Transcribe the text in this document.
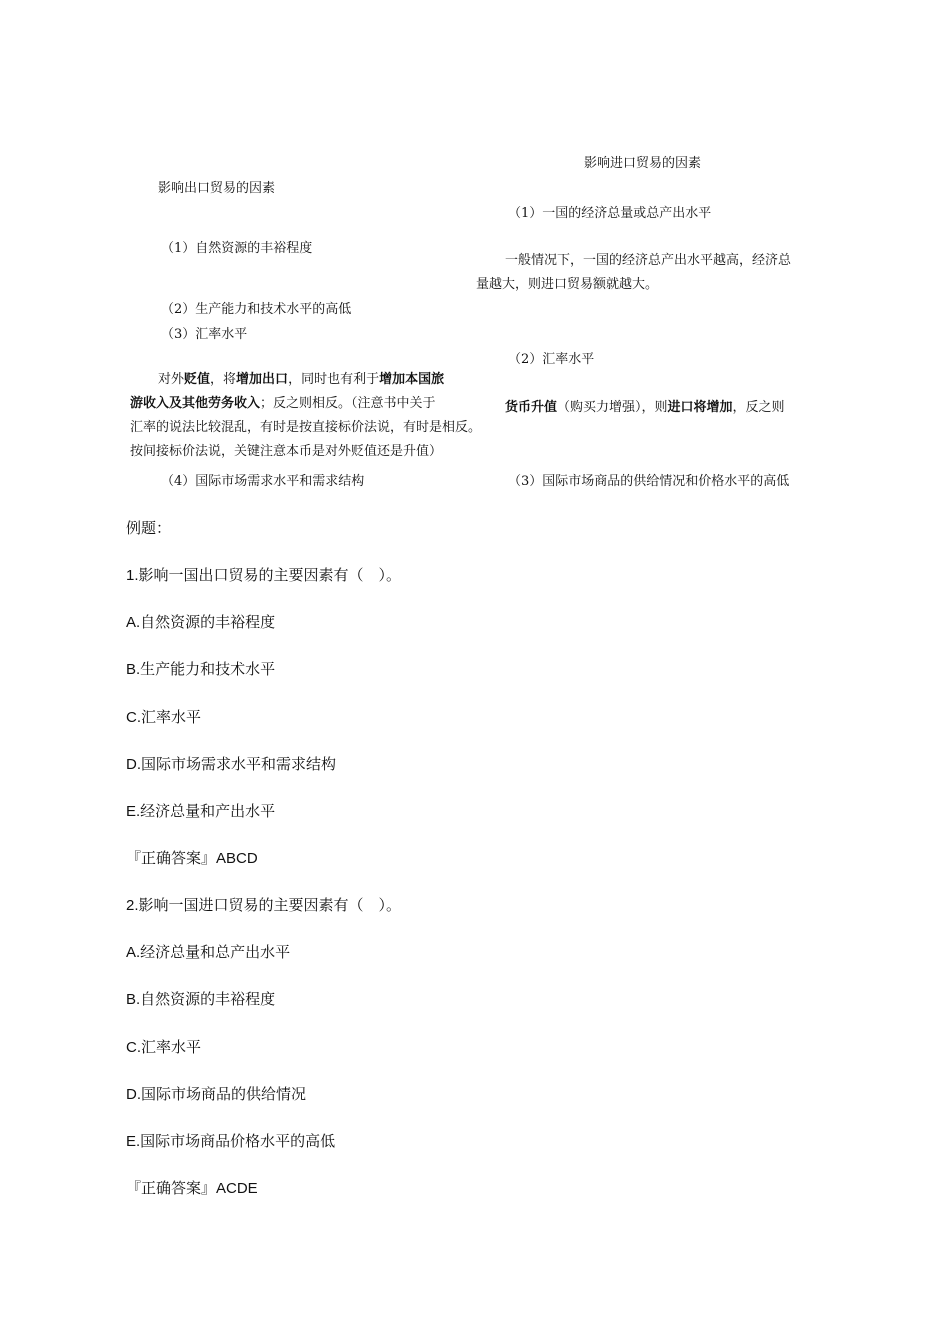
影响出口贸易的因素
（1）自然资源的丰裕程度
（2）生产能力和技术水平的高低
（3）汇率水平
对外贬值，将增加出口，同时也有利于增加本国旅
游收入及其他劳务收入；反之则相反。（注意书中关于
汇率的说法比较混乱，有时是按直接标价法说，有时是相反。
按间接标价法说，关键注意本币是对外贬值还是升值）
（4）国际市场需求水平和需求结构
影响进口贸易的因素
（1）一国的经济总量或总产出水平
一般情况下，一国的经济总产出水平越高，经济总
量越大，则进口贸易额就越大。
（2）汇率水平
货币升值（购买力增强），则进口将增加，反之则
（3）国际市场商品的供给情况和价格水平的高低
例题：
1.影响一国出口贸易的主要因素有（　）。
A.自然资源的丰裕程度
B.生产能力和技术水平
C.汇率水平
D.国际市场需求水平和需求结构
E.经济总量和产出水平
『正确答案』ABCD
2.影响一国进口贸易的主要因素有（　）。
A.经济总量和总产出水平
B.自然资源的丰裕程度
C.汇率水平
D.国际市场商品的供给情况
E.国际市场商品价格水平的高低
『正确答案』ACDE
